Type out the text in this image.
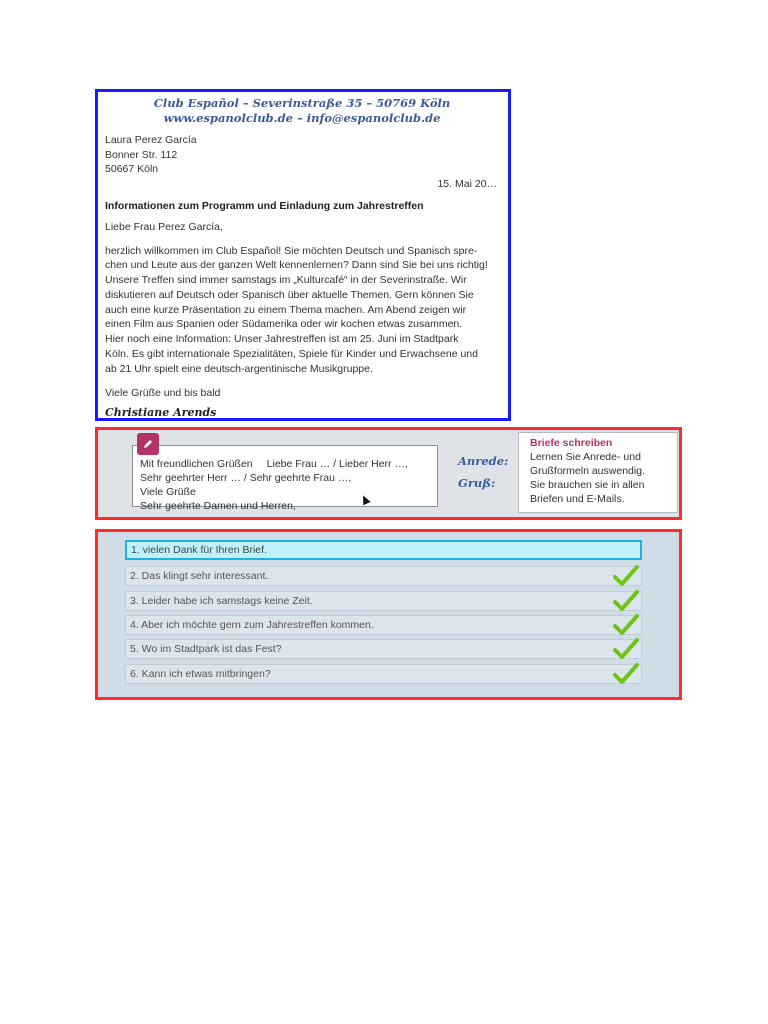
Club Español – Severinstraße 35 – 50769 Köln
www.espanolclub.de – info@espanolclub.de
Laura Perez García
Bonner Str. 112
50667 Köln
15. Mai 20…
Informationen zum Programm und Einladung zum Jahrestreffen
Liebe Frau Perez García,
herzlich willkommen im Club Español! Sie möchten Deutsch und Spanisch spre-
chen und Leute aus der ganzen Welt kennenlernen? Dann sind Sie bei uns richtig!
Unsere Treffen sind immer samstags im „Kulturcafé“ in der Severinstraße. Wir
diskutieren auf Deutsch oder Spanisch über aktuelle Themen. Gern können Sie
auch eine kurze Präsentation zu einem Thema machen. Am Abend zeigen wir
einen Film aus Spanien oder Südamerika oder wir kochen etwas zusammen.
Hier noch eine Information: Unser Jahrestreffen ist am 25. Juni im Stadtpark
Köln. Es gibt internationale Spezialitäten, Spiele für Kinder und Erwachsene und
ab 21 Uhr spielt eine deutsch-argentinische Musikgruppe.
Viele Grüße und bis bald
Christiane Arends
Mit freundlichen Grüßen Liebe Frau … / Lieber Herr …,
Sehr geehrter Herr … / Sehr geehrte Frau …,Viele Grüße
Sehr geehrte Damen und Herren,
Anrede:
Gruß:
Briefe schreiben
Lernen Sie Anrede- und
Grußformeln auswendig.
Sie brauchen sie in allen
Briefen und E-Mails.
1. vielen Dank für Ihren Brief.
2. Das klingt sehr interessant.
3. Leider habe ich samstags keine Zeit.
4. Aber ich möchte gern zum Jahrestreffen kommen.
5. Wo im Stadtpark ist das Fest?
6. Kann ich etwas mitbringen?
